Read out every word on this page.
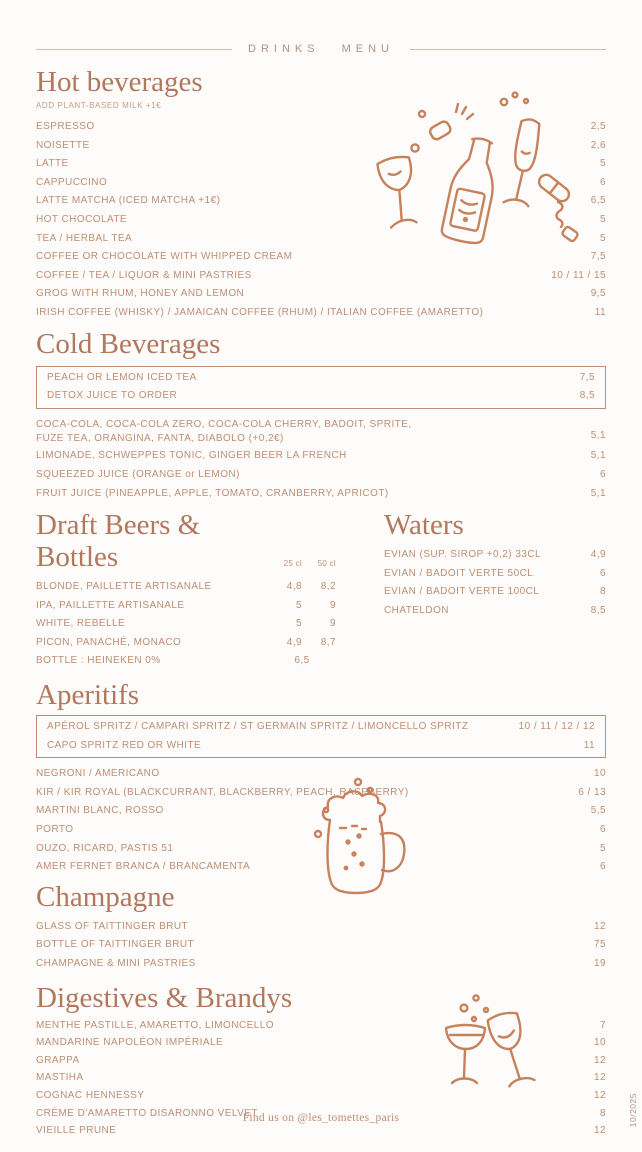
DRINKS MENU
Hot beverages
ADD PLANT-BASED MILK +1€
ESPRESSO	2,5
NOISETTE	2,6
LATTE	5
CAPPUCCINO	6
LATTE MATCHA (ICED MATCHA +1€)	6,5
HOT CHOCOLATE	5
TEA / HERBAL TEA	5
COFFEE OR CHOCOLATE WITH WHIPPED CREAM	7,5
COFFEE / TEA / LIQUOR & MINI PASTRIES	10 / 11 / 15
GROG WITH RHUM, HONEY AND LEMON	9,5
IRISH COFFEE (WHISKY) / JAMAICAN COFFEE (RHUM) / ITALIAN COFFEE (AMARETTO)	11
Cold Beverages
PEACH OR LEMON ICED TEA	7,5
DETOX JUICE TO ORDER	8,5
COCA-COLA, COCA-COLA ZERO, COCA-COLA CHERRY, BADOIT, SPRITE,
FUZE TEA, ORANGINA, FANTA, DIABOLO (+0,2€)	5,1
LIMONADE, SCHWEPPES TONIC, GINGER BEER LA FRENCH	5,1
SQUEEZED JUICE (ORANGE or LEMON)	6
FRUIT JUICE (PINEAPPLE, APPLE, TOMATO, CRANBERRY, APRICOT)	5,1
Draft Beers & Bottles	25 cl	50 cl
BLONDE, PAILLETTE ARTISANALE	4,8	8,2
IPA, PAILLETTE ARTISANALE	5	9
WHITE, REBELLE	5	9
PICON, PANACHÉ, MONACO	4,9	8,7
BOTTLE : HEINEKEN 0%	6,5
Waters
EVIAN (SUP. SIROP +0,2) 33CL	4,9
EVIAN / BADOIT VERTE 50CL	6
EVIAN / BADOIT VERTE 100CL	8
CHATELDON	8,5
Aperitifs
APÉROL SPRITZ / CAMPARI SPRITZ / ST GERMAIN SPRITZ / LIMONCELLO SPRITZ	10 / 11 / 12 / 12
CAPO SPRITZ RED OR WHITE	11
NEGRONI / AMERICANO	10
KIR / KIR ROYAL (BLACKCURRANT, BLACKBERRY, PEACH, RASPBERRY)	6 / 13
MARTINI BLANC, ROSSO	5,5
PORTO	6
OUZO, RICARD, PASTIS 51	5
AMER FERNET BRANCA / BRANCAMENTA	6
Champagne
GLASS OF TAITTINGER BRUT	12
BOTTLE OF TAITTINGER BRUT	75
CHAMPAGNE & MINI PASTRIES	19
Digestives & Brandys
MENTHE PASTILLE, AMARETTO, LIMONCELLO	7
MANDARINE NAPOLÉON IMPÉRIALE	10
GRAPPA	12
MASTIHA	12
COGNAC HENNESSY	12
CRÈME D'AMARETTO DISARONNO VELVET	8
VIEILLE PRUNE	12
Find us on @les_tomettes_paris	10/2025
